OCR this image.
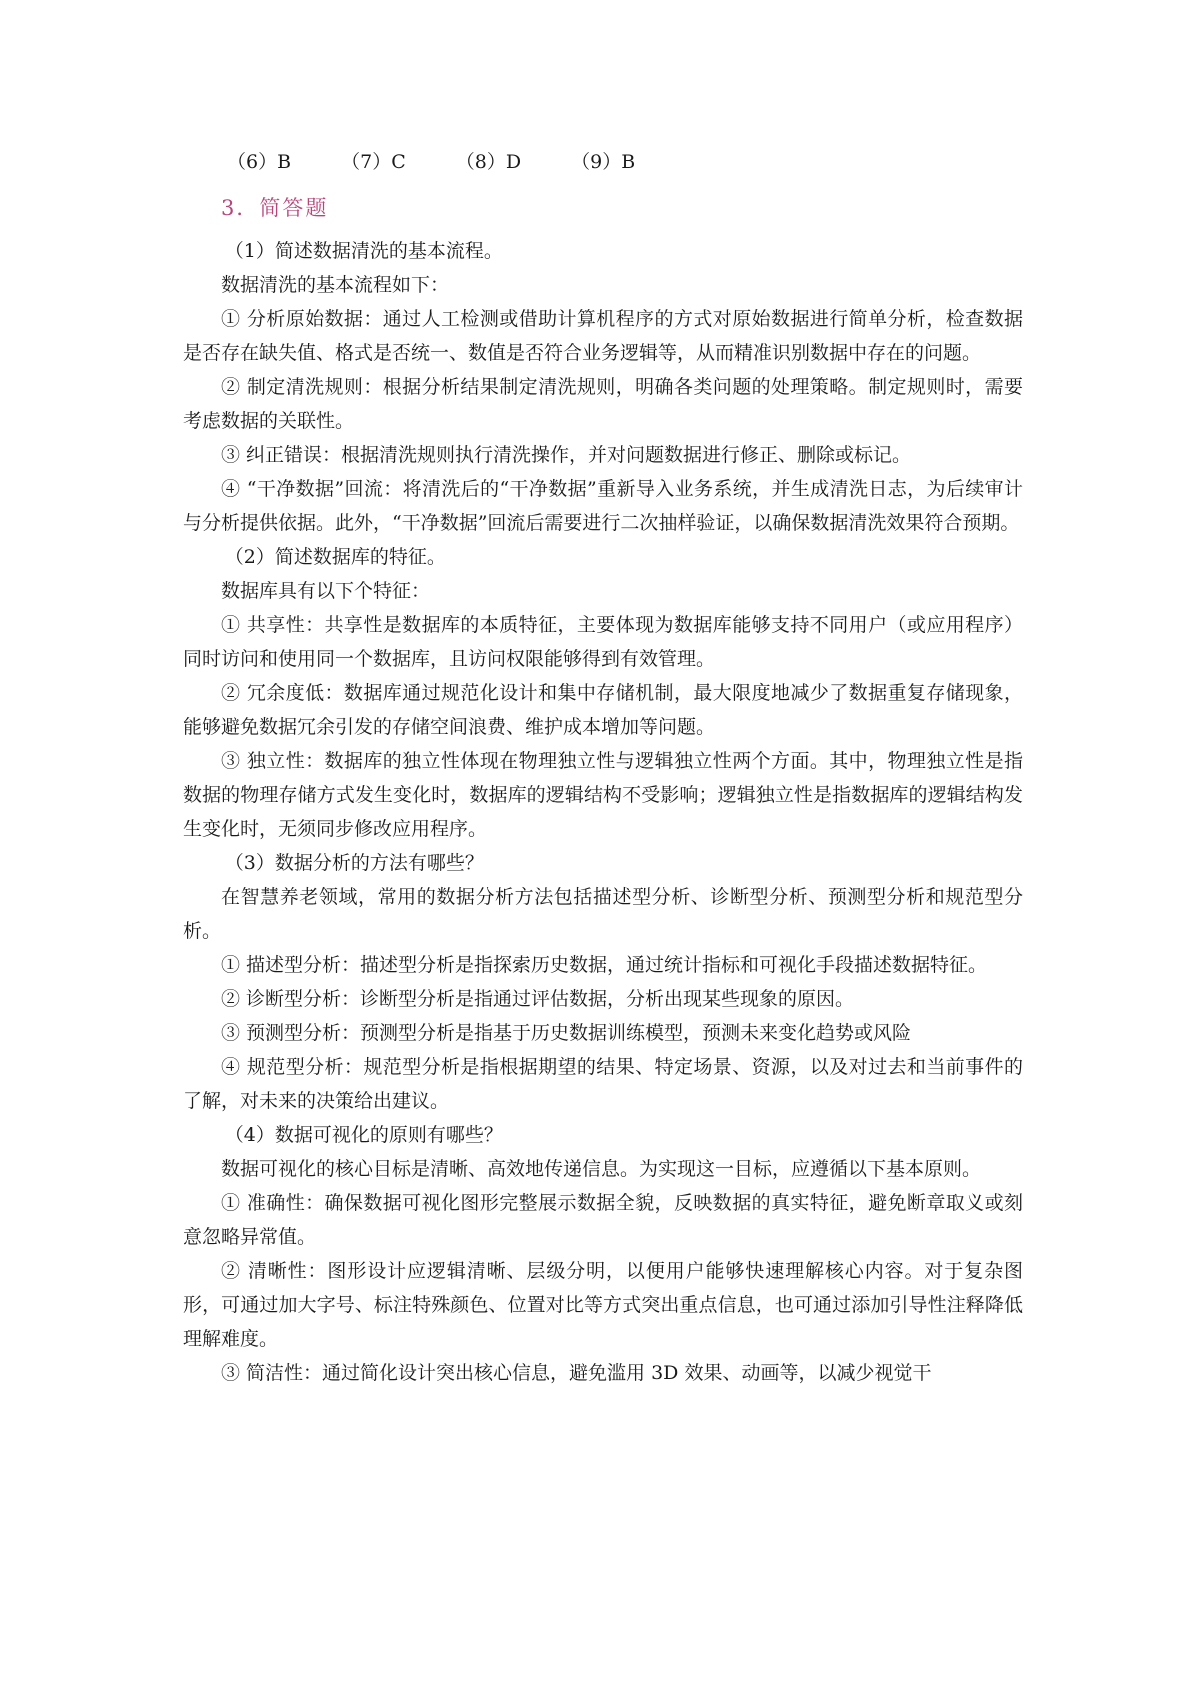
（6）B	（7）C	（8）D	（9）B
3．简答题

（1）简述数据清洗的基本流程。

数据清洗的基本流程如下：

① 分析原始数据：通过人工检测或借助计算机程序的方式对原始数据进行简单分析，检查数据是否存在缺失值、格式是否统一、数值是否符合业务逻辑等，从而精准识别数据中存在的问题。

② 制定清洗规则：根据分析结果制定清洗规则，明确各类问题的处理策略。制定规则时，需要考虑数据的关联性。

③ 纠正错误：根据清洗规则执行清洗操作，并对问题数据进行修正、删除或标记。

④ “干净数据”回流：将清洗后的“干净数据”重新导入业务系统，并生成清洗日志，为后续审计与分析提供依据。此外，“干净数据”回流后需要进行二次抽样验证，以确保数据清洗效果符合预期。

（2）简述数据库的特征。

数据库具有以下个特征：

① 共享性：共享性是数据库的本质特征，主要体现为数据库能够支持不同用户（或应用程序）同时访问和使用同一个数据库，且访问权限能够得到有效管理。

② 冗余度低：数据库通过规范化设计和集中存储机制，最大限度地减少了数据重复存储现象，能够避免数据冗余引发的存储空间浪费、维护成本增加等问题。

③ 独立性：数据库的独立性体现在物理独立性与逻辑独立性两个方面。其中，物理独立性是指数据的物理存储方式发生变化时，数据库的逻辑结构不受影响；逻辑独立性是指数据库的逻辑结构发生变化时，无须同步修改应用程序。

（3）数据分析的方法有哪些？

在智慧养老领域，常用的数据分析方法包括描述型分析、诊断型分析、预测型分析和规范型分析。

① 描述型分析：描述型分析是指探索历史数据，通过统计指标和可视化手段描述数据特征。

② 诊断型分析：诊断型分析是指通过评估数据，分析出现某些现象的原因。

③ 预测型分析：预测型分析是指基于历史数据训练模型，预测未来变化趋势或风险

④ 规范型分析：规范型分析是指根据期望的结果、特定场景、资源，以及对过去和当前事件的了解，对未来的决策给出建议。

（4）数据可视化的原则有哪些？

数据可视化的核心目标是清晰、高效地传递信息。为实现这一目标，应遵循以下基本原则。

① 准确性：确保数据可视化图形完整展示数据全貌，反映数据的真实特征，避免断章取义或刻意忽略异常值。

② 清晰性：图形设计应逻辑清晰、层级分明，以便用户能够快速理解核心内容。对于复杂图形，可通过加大字号、标注特殊颜色、位置对比等方式突出重点信息，也可通过添加引导性注释降低理解难度。

③ 简洁性：通过简化设计突出核心信息，避免滥用 3D 效果、动画等，以减少视觉干
